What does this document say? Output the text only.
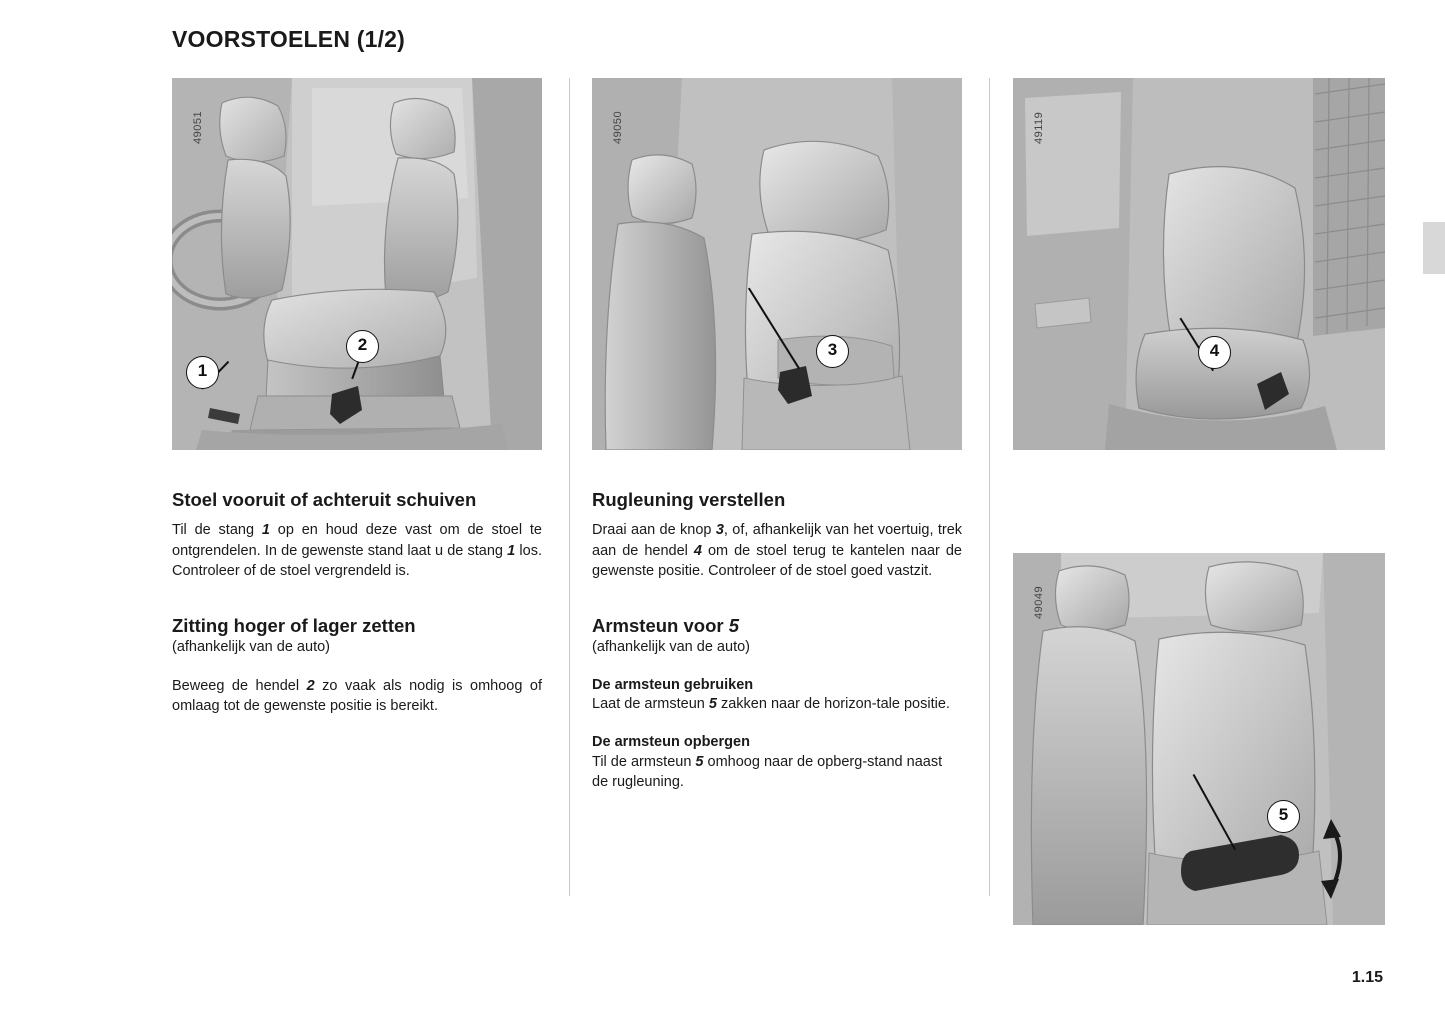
VOORSTOELEN (1/2)
49051
1
2
Stoel vooruit of achteruit schuiven

Til de stang 1 op en houd deze vast om de stoel te ontgrendelen. In de gewenste stand laat u de stang 1 los. Controleer of de stoel vergrendeld is.

Zitting hoger of lager zetten

(afhankelijk van de auto)

Beweeg de hendel 2 zo vaak als nodig is omhoog of omlaag tot de gewenste positie is bereikt.

49050
3
Rugleuning verstellen

Draai aan de knop 3, of, afhankelijk van het voertuig, trek aan de hendel 4 om de stoel terug te kantelen naar de gewenste positie. Controleer of de stoel goed vastzit.

Armsteun voor 5

(afhankelijk van de auto)

De armsteun gebruiken

Laat de armsteun 5 zakken naar de horizon-tale positie.

De armsteun opbergen

Til de armsteun 5 omhoog naar de opberg-stand naast de rugleuning.

49119
4
49049
5
1.15
